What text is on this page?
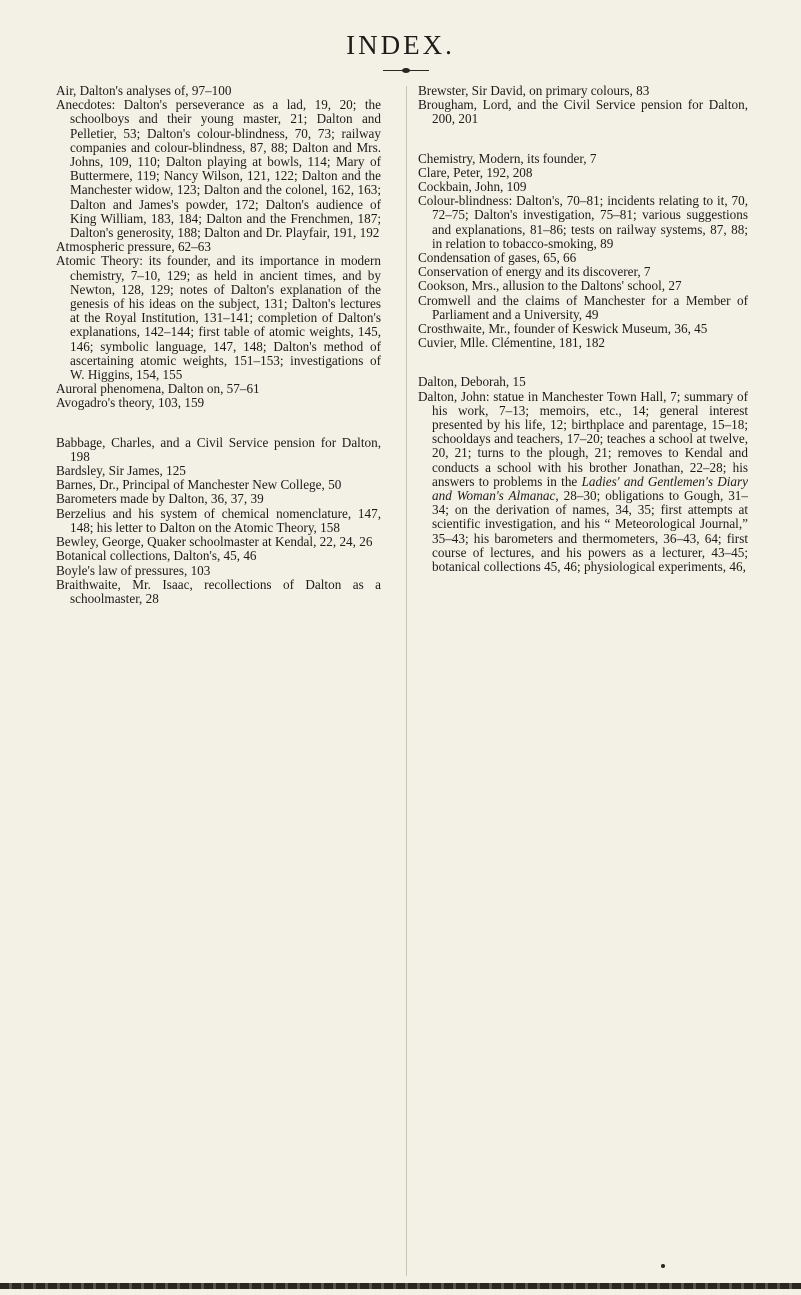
INDEX.

Air, Dalton's analyses of, 97–100

Anecdotes: Dalton's perseverance as a lad, 19, 20; the schoolboys and their young master, 21; Dalton and Pelletier, 53; Dalton's colour-blindness, 70, 73; railway companies and colour-blindness, 87, 88; Dalton and Mrs. Johns, 109, 110; Dalton playing at bowls, 114; Mary of Buttermere, 119; Nancy Wilson, 121, 122; Dalton and the Manchester widow, 123; Dalton and the colonel, 162, 163; Dalton and James's powder, 172; Dalton's audience of King William, 183, 184; Dalton and the Frenchmen, 187; Dalton's generosity, 188; Dalton and Dr. Playfair, 191, 192

Atmospheric pressure, 62–63

Atomic Theory: its founder, and its importance in modern chemistry, 7–10, 129; as held in ancient times, and by Newton, 128, 129; notes of Dalton's explanation of the genesis of his ideas on the subject, 131; Dalton's lectures at the Royal Institution, 131–141; completion of Dalton's explanations, 142–144; first table of atomic weights, 145, 146; symbolic language, 147, 148; Dalton's method of ascertaining atomic weights, 151–153; investigations of W. Higgins, 154, 155

Auroral phenomena, Dalton on, 57–61

Avogadro's theory, 103, 159

Babbage, Charles, and a Civil Service pension for Dalton, 198

Bardsley, Sir James, 125

Barnes, Dr., Principal of Manchester New College, 50

Barometers made by Dalton, 36, 37, 39

Berzelius and his system of chemical nomenclature, 147, 148; his letter to Dalton on the Atomic Theory, 158

Bewley, George, Quaker schoolmaster at Kendal, 22, 24, 26

Botanical collections, Dalton's, 45, 46

Boyle's law of pressures, 103

Braithwaite, Mr. Isaac, recollections of Dalton as a schoolmaster, 28

Brewster, Sir David, on primary colours, 83

Brougham, Lord, and the Civil Service pension for Dalton, 200, 201

Chemistry, Modern, its founder, 7

Clare, Peter, 192, 208

Cockbain, John, 109

Colour-blindness: Dalton's, 70–81; incidents relating to it, 70, 72–75; Dalton's investigation, 75–81; various suggestions and explanations, 81–86; tests on railway systems, 87, 88; in relation to tobacco-smoking, 89

Condensation of gases, 65, 66

Conservation of energy and its discoverer, 7

Cookson, Mrs., allusion to the Daltons' school, 27

Cromwell and the claims of Manchester for a Member of Parliament and a University, 49

Crosthwaite, Mr., founder of Keswick Museum, 36, 45

Cuvier, Mlle. Clémentine, 181, 182

Dalton, Deborah, 15

Dalton, John: statue in Manchester Town Hall, 7; summary of his work, 7–13; memoirs, etc., 14; general interest presented by his life, 12; birthplace and parentage, 15–18; schooldays and teachers, 17–20; teaches a school at twelve, 20, 21; turns to the plough, 21; removes to Kendal and conducts a school with his brother Jonathan, 22–28; his answers to problems in the Ladies' and Gentlemen's Diary and Woman's Almanac, 28–30; obligations to Gough, 31–34; on the derivation of names, 34, 35; first attempts at scientific investigation, and his “ Meteorological Journal,” 35–43; his barometers and thermometers, 36–43, 64; first course of lectures, and his powers as a lecturer, 43–45; botanical collections 45, 46; physiological experiments, 46,
